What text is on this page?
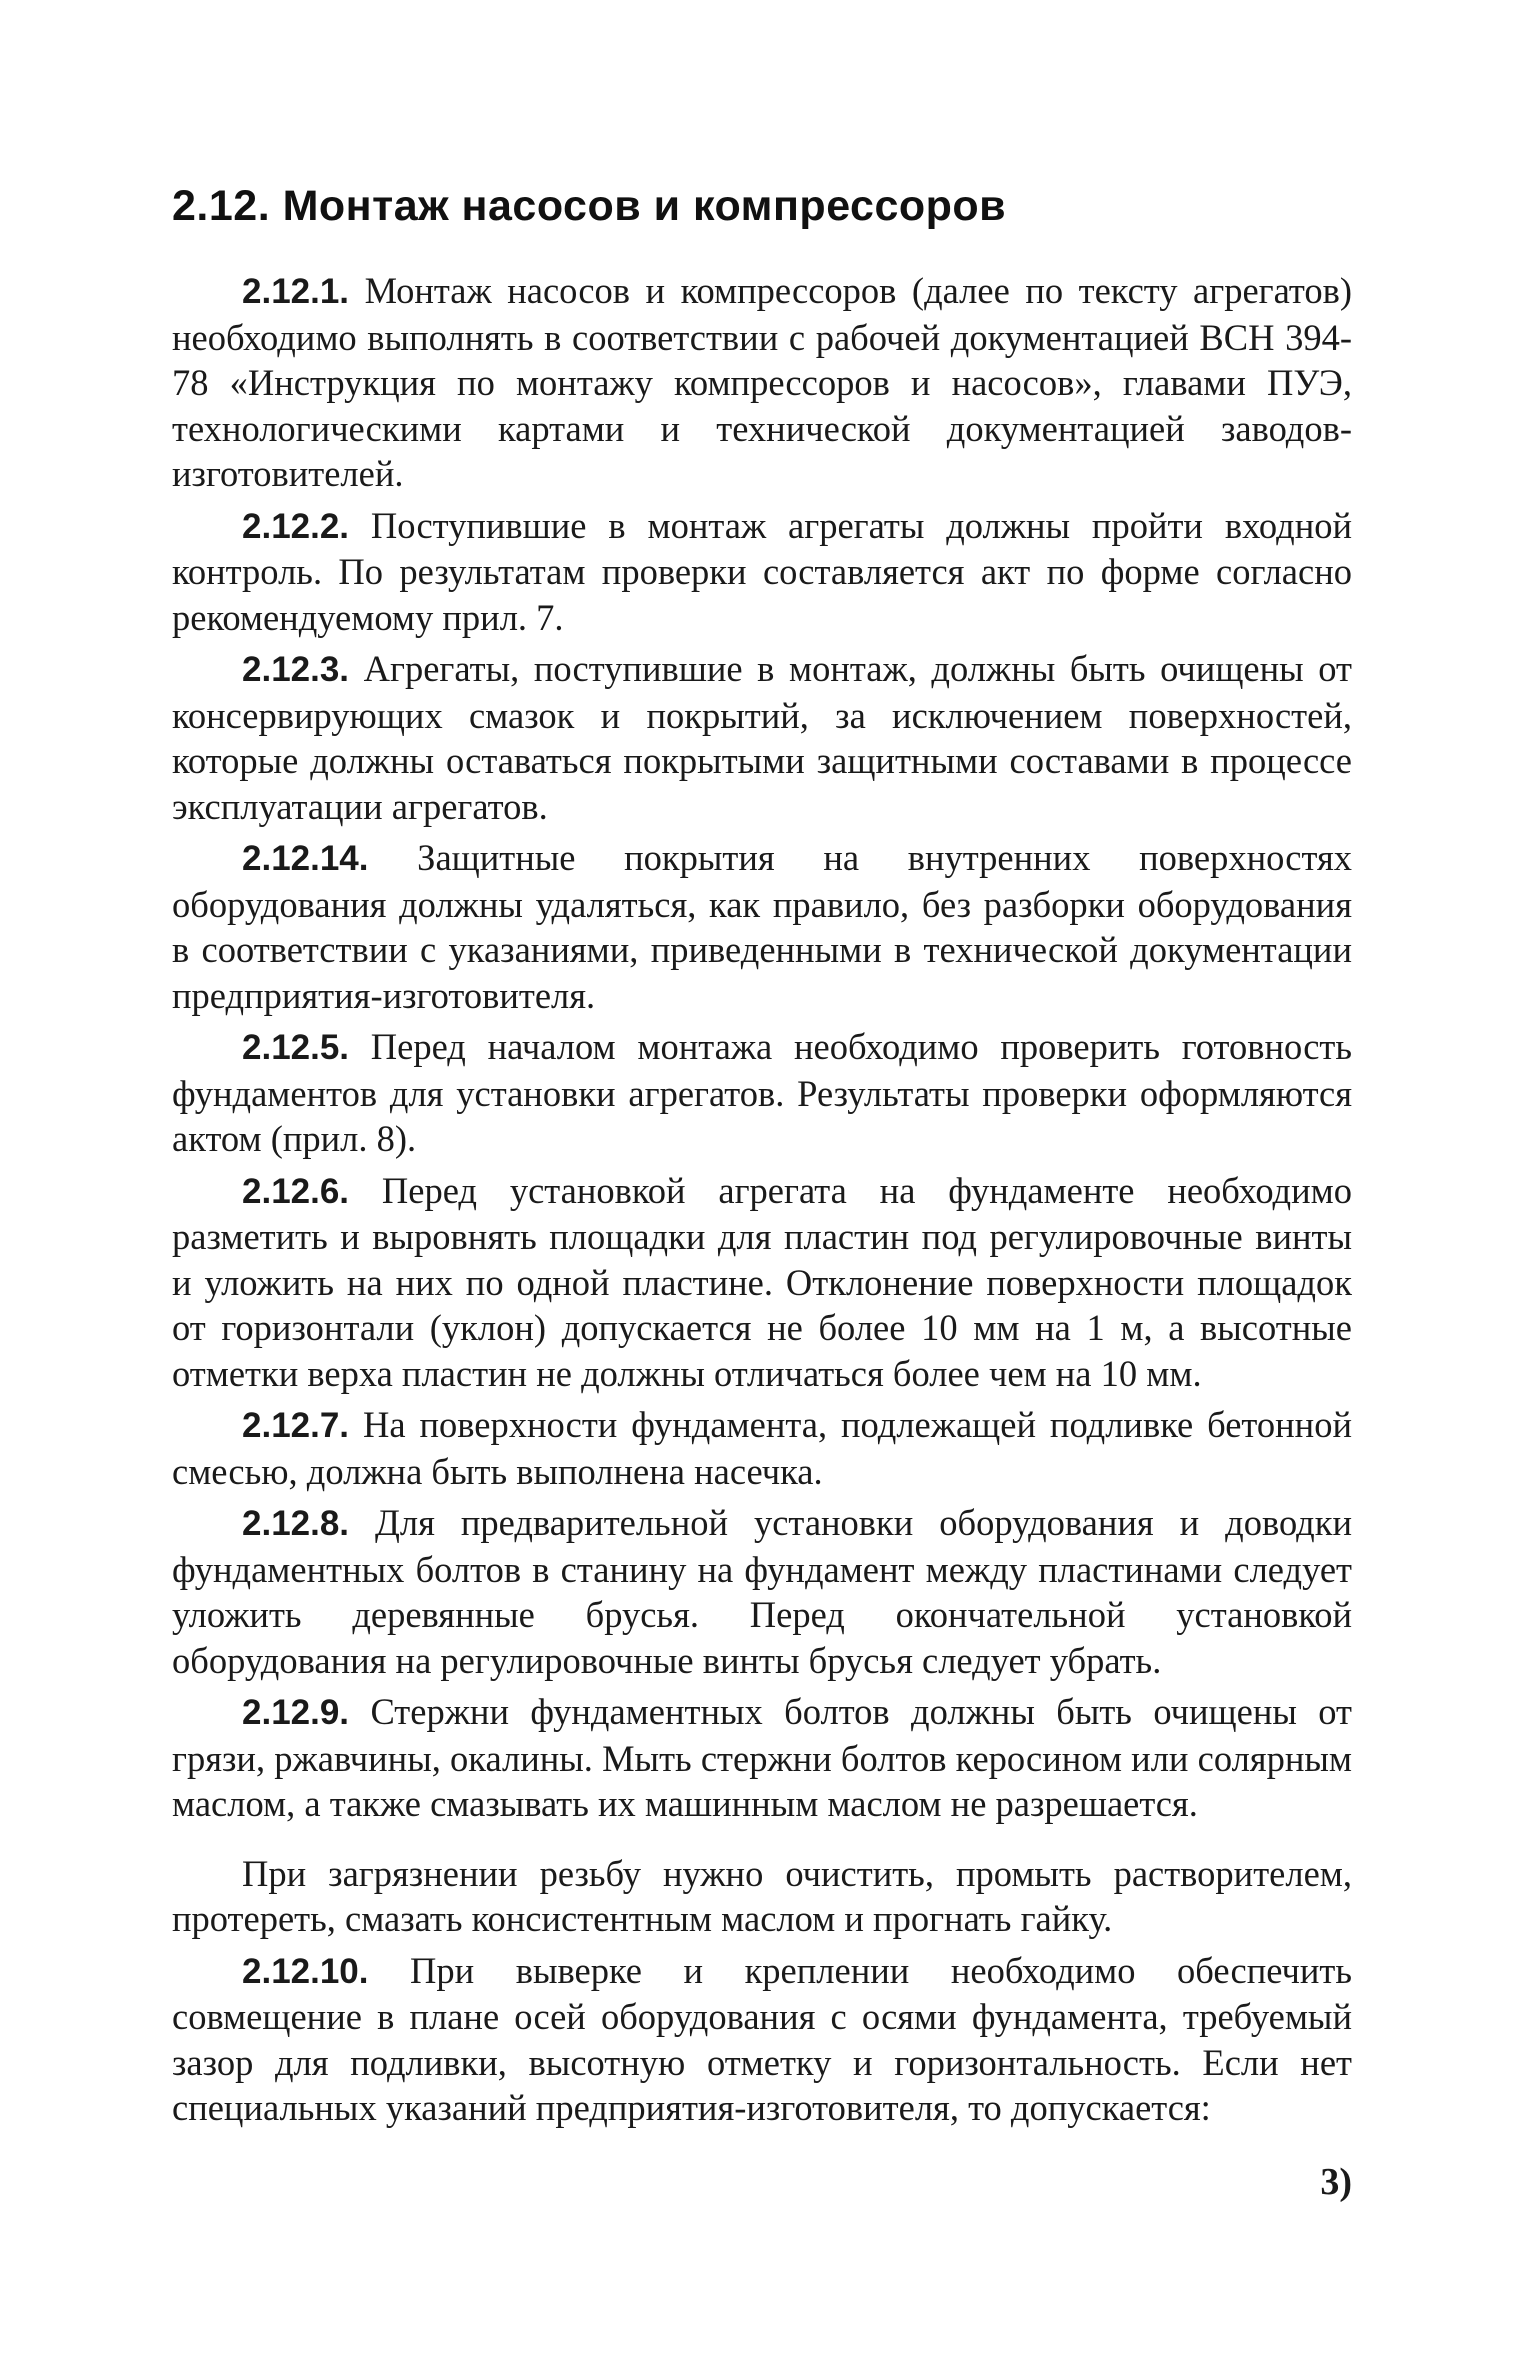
2.12. Монтаж насосов и компрессоров

2.12.1. Монтаж насосов и компрессоров (далее по тексту агрегатов) необходимо выполнять в соответствии с рабочей документацией ВСН 394-78 «Инструкция по монтажу компрессоров и насосов», главами ПУЭ, технологическими картами и технической документацией заводов-изготовителей.

2.12.2. Поступившие в монтаж агрегаты должны пройти входной контроль. По результатам проверки составляется акт по форме согласно рекомендуемому прил. 7.

2.12.3. Агрегаты, поступившие в монтаж, должны быть очищены от консервирующих смазок и покрытий, за исключением поверхностей, которые должны оставаться покрытыми защитными составами в процессе эксплуатации агрегатов.

2.12.14. Защитные покрытия на внутренних поверхностях оборудования должны удаляться, как правило, без разборки оборудования в соответствии с указаниями, приведенными в технической документации предприятия-изготовителя.

2.12.5. Перед началом монтажа необходимо проверить готовность фундаментов для установки агрегатов. Результаты проверки оформляются актом (прил. 8).

2.12.6. Перед установкой агрегата на фундаменте необходимо разметить и выровнять площадки для пластин под регулировочные винты и уложить на них по одной пластине. Отклонение поверхности площадок от горизонтали (уклон) допускается не более 10 мм на 1 м, а высотные отметки верха пластин не должны отличаться более чем на 10 мм.

2.12.7. На поверхности фундамента, подлежащей подливке бетонной смесью, должна быть выполнена насечка.

2.12.8. Для предварительной установки оборудования и доводки фундаментных болтов в станину на фундамент между пластинами следует уложить деревянные брусья. Перед окончательной установкой оборудования на регулировочные винты брусья следует убрать.

2.12.9. Стержни фундаментных болтов должны быть очищены от грязи, ржавчины, окалины. Мыть стержни болтов керосином или солярным маслом, а также смазывать их машинным маслом не разрешается.

При загрязнении резьбу нужно очистить, промыть растворителем, протереть, смазать консистентным маслом и прогнать гайку.

2.12.10. При выверке и креплении необходимо обеспечить совмещение в плане осей оборудования с осями фундамента, требуемый зазор для подливки, высотную отметку и горизонтальность. Если нет специальных указаний предприятия-изготовителя, то допускается:

3)
